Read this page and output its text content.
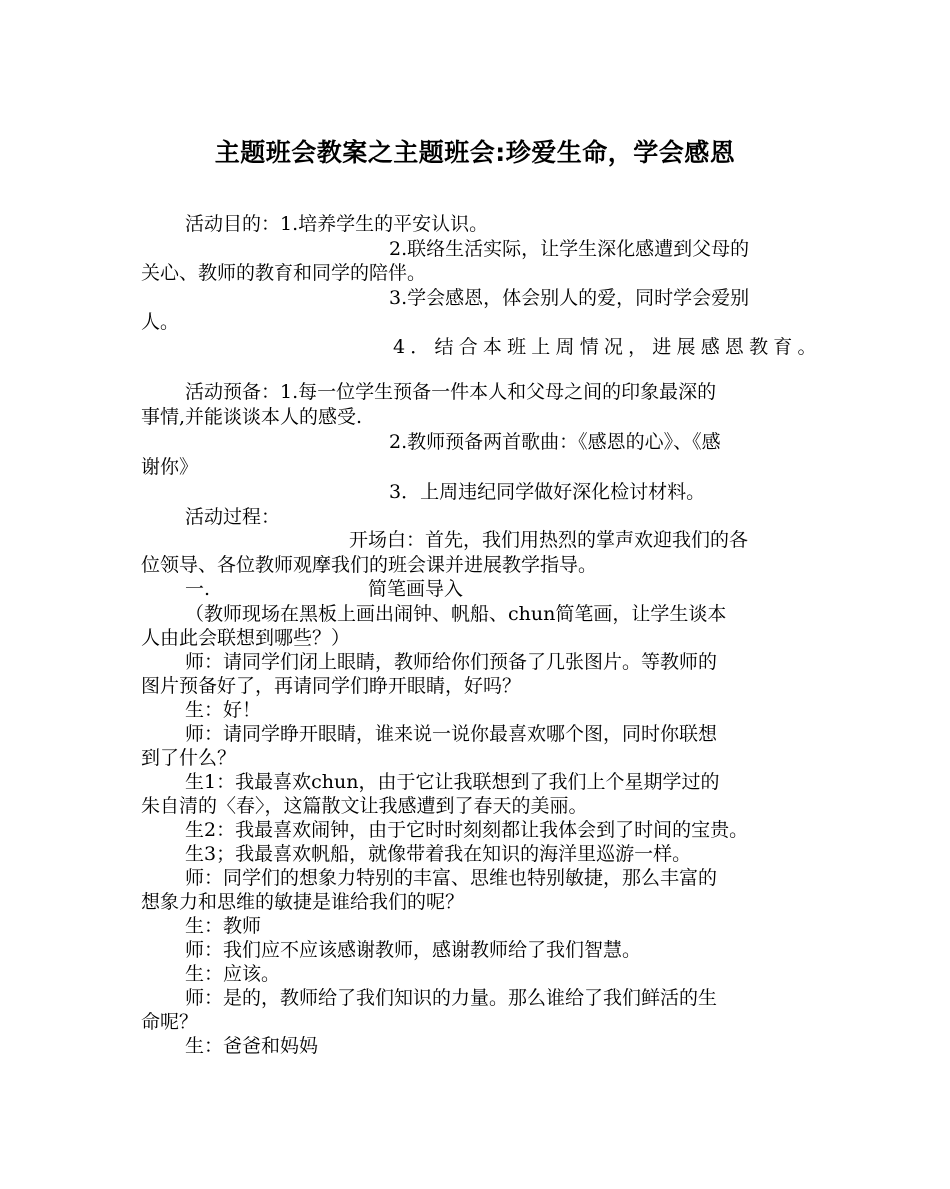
主题班会教案之主题班会:珍爱生命，学会感恩
活动目的：1.培养学生的平安认识。
2.联络生活实际，让学生深化感遭到父母的
关心、教师的教育和同学的陪伴。
3.学会感恩，体会别人的爱，同时学会爱别
人。
4．结合本班上周情况，进展感恩教育。
活动预备：1.每一位学生预备一件本人和父母之间的印象最深的
事情,并能谈谈本人的感受.
2.教师预备两首歌曲：《感恩的心》、《感
谢你》
3．上周违纪同学做好深化检讨材料。
活动过程：
开场白：首先，我们用热烈的掌声欢迎我们的各
位领导、各位教师观摩我们的班会课并进展教学指导。
一.	简笔画导入
（教师现场在黑板上画出闹钟、帆船、chun简笔画，让学生谈本
人由此会联想到哪些？）
师：请同学们闭上眼睛，教师给你们预备了几张图片。等教师的
图片预备好了，再请同学们睁开眼睛，好吗？
生：好！
师：请同学睁开眼睛，谁来说一说你最喜欢哪个图，同时你联想
到了什么？
生1：我最喜欢chun，由于它让我联想到了我们上个星期学过的
朱自清的〈春〉，这篇散文让我感遭到了春天的美丽。
生2：我最喜欢闹钟，由于它时时刻刻都让我体会到了时间的宝贵。
生3；我最喜欢帆船，就像带着我在知识的海洋里巡游一样。
师：同学们的想象力特别的丰富、思维也特别敏捷，那么丰富的
想象力和思维的敏捷是谁给我们的呢？
生：教师
师：我们应不应该感谢教师，感谢教师给了我们智慧。
生：应该。
师：是的，教师给了我们知识的力量。那么谁给了我们鲜活的生
命呢？
生：爸爸和妈妈
